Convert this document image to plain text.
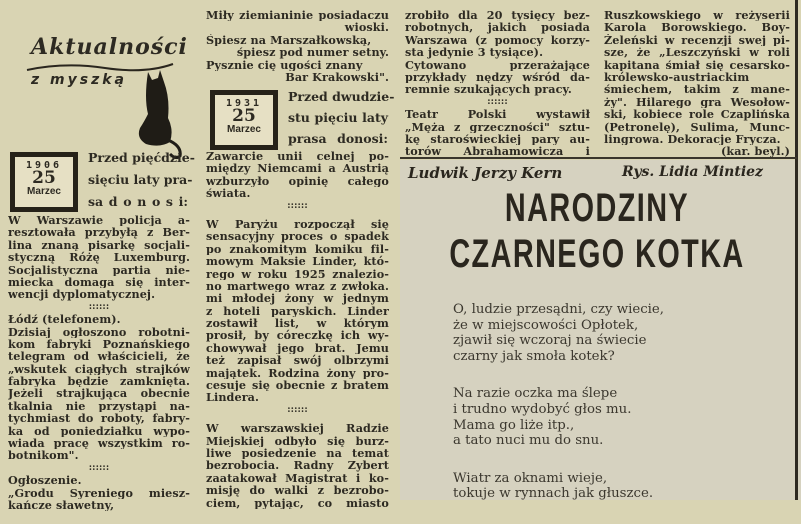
Aktualności
z myszką
1906
25
Marzec
Przed pięćdzie-
sięciu laty pra-
sa d o n o s i:
W Warszawie policja a-
resztowała przybyłą z Ber-
lina znaną pisarkę socjali-
styczną Różę Luxemburg.
Socjalistyczna partia nie-
miecka domaga się inter-
wencji dyplomatycznej.
::::::
Łódź (telefonem).
Dzisiaj ogłoszono robotni-
kom fabryki Poznańskiego
telegram od właścicieli, że
„wskutek ciągłych strajków
fabryka będzie zamknięta.
Jeżeli strajkująca obecnie
tkalnia nie przystąpi na-
tychmiast do roboty, fabry-
ka od poniedziałku wypo-
wiada pracę wszystkim ro-
botnikom".
::::::
Ogłoszenie.
„Grodu Syreniego miesz-
kańcze sławetny,
Miły ziemianinie posiadaczu
wioski.
Śpiesz na Marszałkowską,
śpiesz pod numer setny.
Pysznie cię ugości znany
Bar Krakowski".
1931
25
Marzec
Przed dwudzie-
stu pięciu laty
prasa donosi:
Zawarcie unii celnej po-
między Niemcami a Austrią
wzburzyło opinię całego
świata.
::::::
W Paryżu rozpoczął się
sensacyjny proces o spadek
po znakomitym komiku fil-
mowym Maksie Linder, któ-
rego w roku 1925 znalezio-
no martwego wraz z zwłoka.
mi młodej żony w jednym
z hoteli paryskich. Linder
zostawił list, w którym
prosił, by córeczkę ich wy-
chowywał jego brat. Jemu
też zapisał swój olbrzymi
majątek. Rodzina żony pro-
cesuje się obecnie z bratem
Lindera.
::::::
W warszawskiej Radzie
Miejskiej odbyło się burz-
liwe posiedzenie na temat
bezrobocia. Radny Zybert
zaatakował Magistrat i ko-
misję do walki z bezrobo-
ciem, pytając, co miasto
zrobiło dla 20 tysięcy bez-
robotnych, jakich posiada
Warszawa (z pomocy korzy-
sta jedynie 3 tysiące).
Cytowano przerażające
przykłady nędzy wśród da-
remnie szukających pracy.
::::::
Teatr Polski wystawił
„Męża z grzeczności" sztu-
kę staroświeckiej pary au-
torów Abrahamowicza i
Ruszkowskiego w reżyserii
Karola Borowskiego. Boy-
Żeleński w recenzji swej pi-
sze, że „Leszczyński w roli
kapitana śmiał się cesarsko-
królewsko-austriackim
śmiechem, takim z mane-
ży". Hilarego gra Wesołow-
ski, kobiece role Czaplińska
(Petronelę), Sulima, Munc-
lingrowa. Dekoracje Frycza.
(kar. beyl.)
Ludwik Jerzy Kern	Rys. Lidia Mintiez
NARODZINY
CZARNEGO KOTKA
O, ludzie przesądni, czy wiecie,
że w miejscowości Opłotek,
zjawił się wczoraj na świecie
czarny jak smoła kotek?
Na razie oczka ma ślepe
i trudno wydobyć głos mu.
Mama go liże itp.,
a tato nuci mu do snu.
Wiatr za oknami wieje,
tokuje w rynnach jak głuszce.
